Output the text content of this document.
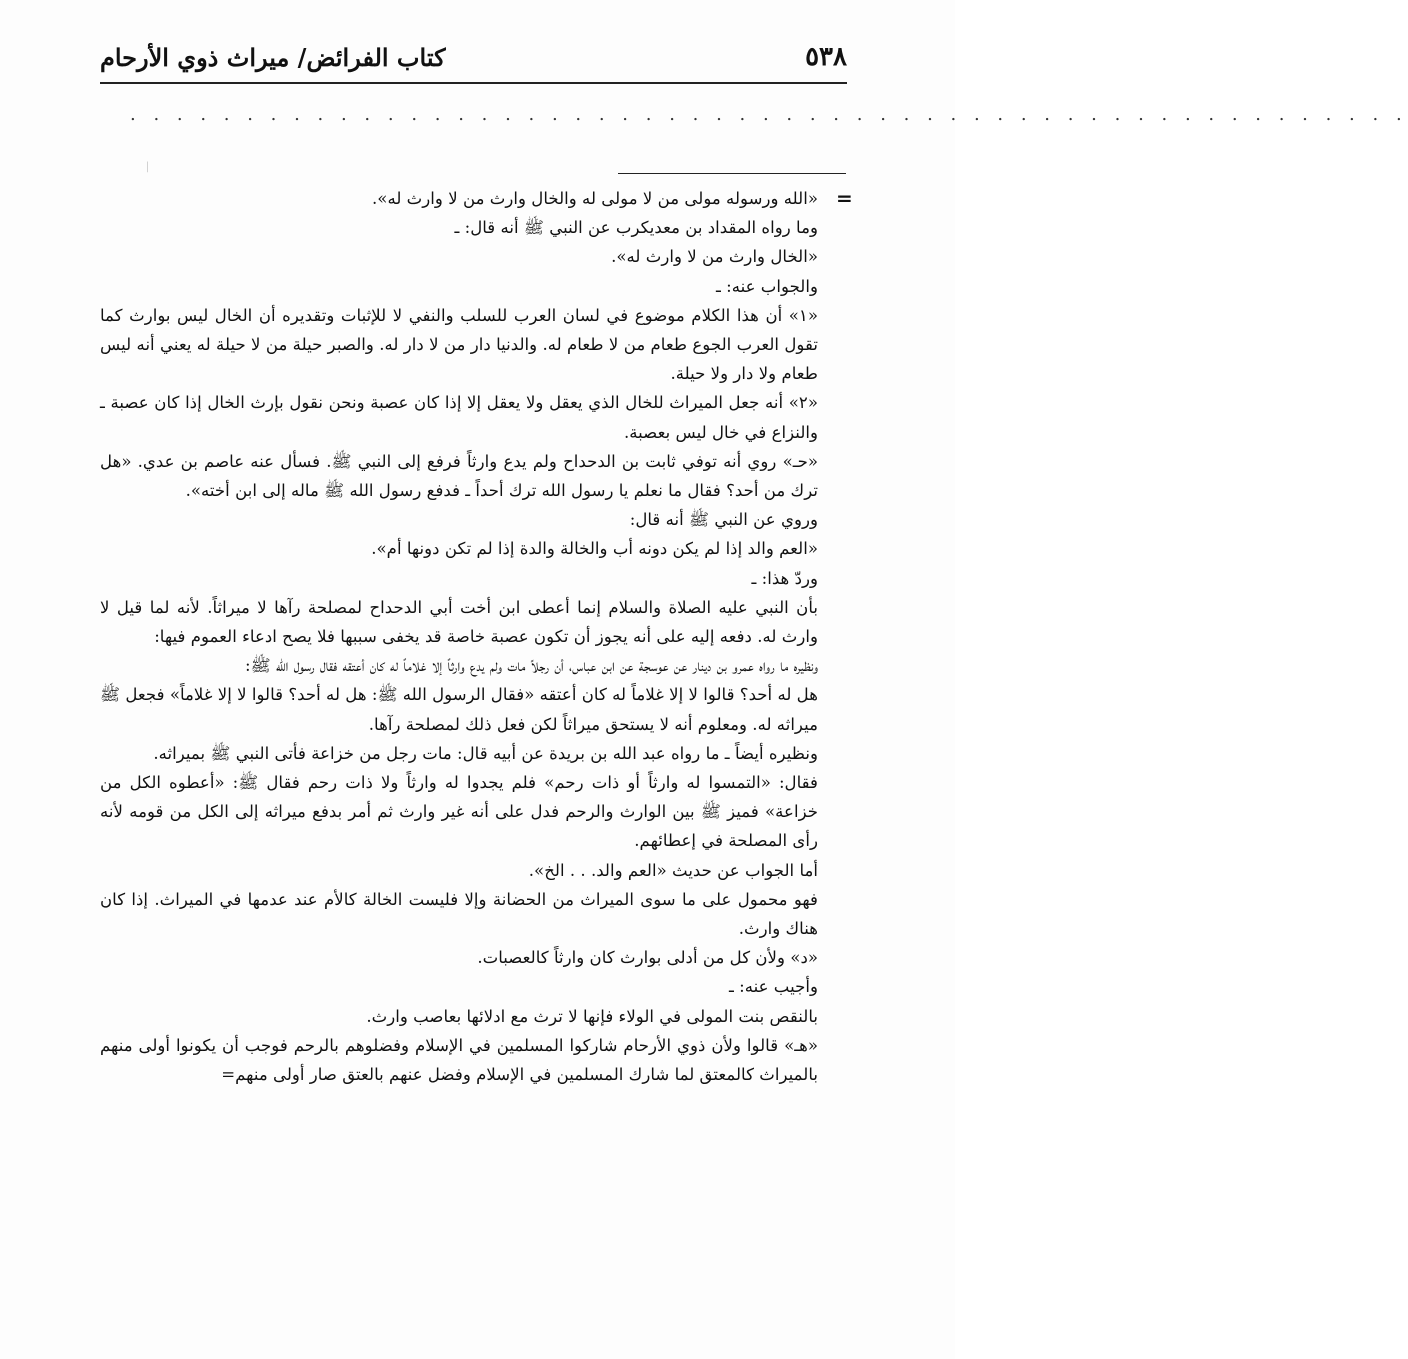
كتاب الفرائض/ ميراث ذوي الأرحام	٥٣٨
. . . . . . . . . . . . . . . . . . . . . . . . . . . . . . . . . . . . . . . . . . . . . . . . . . . . . . .
ᛁ
=

«الله ورسوله مولى من لا مولى له والخال وارث من لا وارث له».

وما رواه المقداد بن معديكرب عن النبي ﷺ أنه قال: ـ

«الخال وارث من لا وارث له».

والجواب عنه: ـ

«١» أن هذا الكلام موضوع في لسان العرب للسلب والنفي لا للإثبات وتقديره أن الخال ليس بوارث كما تقول العرب الجوع طعام من لا طعام له. والدنيا دار من لا دار له. والصبر حيلة من لا حيلة له يعني أنه ليس طعام ولا دار ولا حيلة.

«٢» أنه جعل الميراث للخال الذي يعقل ولا يعقل إلا إذا كان عصبة ونحن نقول بإرث الخال إذا كان عصبة ـ والنزاع في خال ليس بعصبة.

«حـ» روي أنه توفي ثابت بن الدحداح ولم يدع وارثاً فرفع إلى النبي ﷺ. فسأل عنه عاصم بن عدي. «هل ترك من أحد؟ فقال ما نعلم يا رسول الله ترك أحداً ـ فدفع رسول الله ﷺ ماله إلى ابن أخته».

وروي عن النبي ﷺ أنه قال:

«العم والد إذا لم يكن دونه أب والخالة والدة إذا لم تكن دونها أم».

وردّ هذا: ـ

بأن النبي عليه الصلاة والسلام إنما أعطى ابن أخت أبي الدحداح لمصلحة رآها لا ميراثاً. لأنه لما قيل لا وارث له. دفعه إليه على أنه يجوز أن تكون عصبة خاصة قد يخفى سببها فلا يصح ادعاء العموم فيها:

ونظيره ما رواه عمرو بن دينار عن عوسجة عن ابن عباس، أن رجلاً مات ولم يدع وارثاً إلا غلاماً له كان أعتقه فقال رسول الله ﷺ:

هل له أحد؟ قالوا لا إلا غلاماً له كان أعتقه «فقال الرسول الله ﷺ: هل له أحد؟ قالوا لا إلا غلاماً» فجعل ﷺ ميراثه له. ومعلوم أنه لا يستحق ميراثاً لكن فعل ذلك لمصلحة رآها.

ونظيره أيضاً ـ ما رواه عبد الله بن بريدة عن أبيه قال: مات رجل من خزاعة فأتى النبي ﷺ بميراثه.

فقال: «التمسوا له وارثاً أو ذات رحم» فلم يجدوا له وارثاً ولا ذات رحم فقال ﷺ: «أعطوه الكل من خزاعة» فميز ﷺ بين الوارث والرحم فدل على أنه غير وارث ثم أمر بدفع ميراثه إلى الكل من قومه لأنه رأى المصلحة في إعطائهم.

أما الجواب عن حديث «العم والد. . . الخ».

فهو محمول على ما سوى الميراث من الحضانة وإلا فليست الخالة كالأم عند عدمها في الميراث. إذا كان هناك وارث.

«د» ولأن كل من أدلى بوارث كان وارثاً كالعصبات.

وأجيب عنه: ـ

بالنقص بنت المولى في الولاء فإنها لا ترث مع ادلائها بعاصب وارث.

«هـ» قالوا ولأن ذوي الأرحام شاركوا المسلمين في الإسلام وفضلوهم بالرحم فوجب أن يكونوا أولى منهم بالميراث كالمعتق لما شارك المسلمين في الإسلام وفضل عنهم بالعتق صار أولى منهم=
